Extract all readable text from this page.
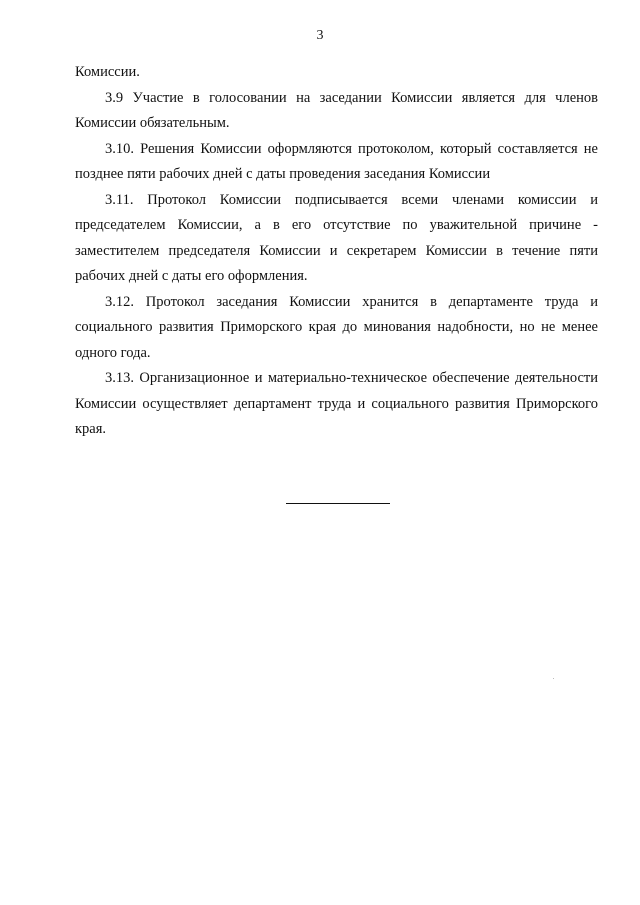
3

Комиссии.

3.9 Участие в голосовании на заседании Комиссии является для членов Комиссии обязательным.

3.10. Решения Комиссии оформляются протоколом, который составляется не позднее пяти рабочих дней с даты проведения заседания Комиссии

3.11. Протокол Комиссии подписывается всеми членами комиссии и председателем Комиссии, а в его отсутствие по уважительной причине - заместителем председателя Комиссии и секретарем Комиссии в течение пяти рабочих дней с даты его оформления.

3.12. Протокол заседания Комиссии хранится в департаменте труда и социального развития Приморского края до минования надобности, но не менее одного года.

3.13. Организационное и материально-техническое обеспечение деятельности Комиссии осуществляет департамент труда и социального развития Приморского края.
